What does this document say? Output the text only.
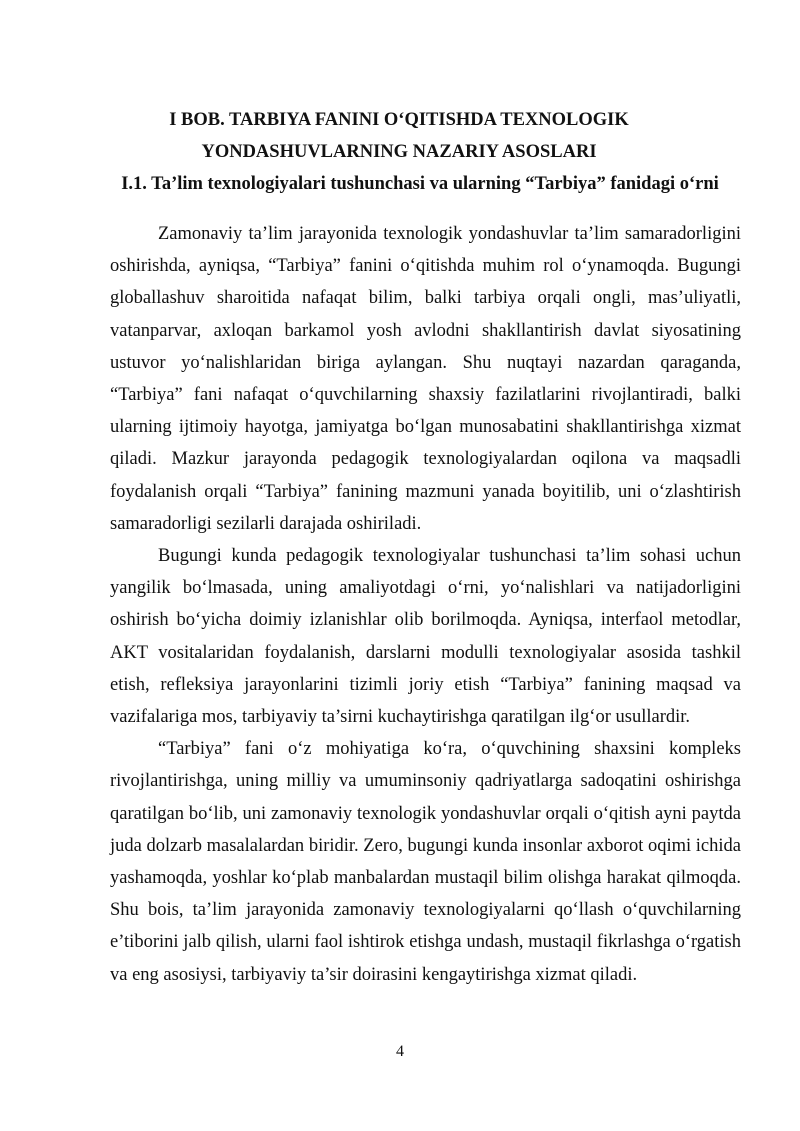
I BOB. TARBIYA FANINI O‘QITISHDA TEXNOLOGIK
YONDASHUVLARNING NAZARIY ASOSLARI
I.1. Ta’lim texnologiyalari tushunchasi va ularning “Tarbiya” fanidagi o‘rni

Zamonaviy ta’lim jarayonida texnologik yondashuvlar ta’lim samaradorligini oshirishda, ayniqsa, “Tarbiya” fanini o‘qitishda muhim rol o‘ynamoqda. Bugungi globallashuv sharoitida nafaqat bilim, balki tarbiya orqali ongli, mas’uliyatli, vatanparvar, axloqan barkamol yosh avlodni shakllantirish davlat siyosatining ustuvor yo‘nalishlaridan biriga aylangan. Shu nuqtayi nazardan qaraganda, “Tarbiya” fani nafaqat o‘quvchilarning shaxsiy fazilatlarini rivojlantiradi, balki ularning ijtimoiy hayotga, jamiyatga bo‘lgan munosabatini shakllantirishga xizmat qiladi. Mazkur jarayonda pedagogik texnologiyalardan oqilona va maqsadli foydalanish orqali “Tarbiya” fanining mazmuni yanada boyitilib, uni o‘zlashtirish samaradorligi sezilarli darajada oshiriladi.

Bugungi kunda pedagogik texnologiyalar tushunchasi ta’lim sohasi uchun yangilik bo‘lmasada, uning amaliyotdagi o‘rni, yo‘nalishlari va natijadorligini oshirish bo‘yicha doimiy izlanishlar olib borilmoqda. Ayniqsa, interfaol metodlar, AKT vositalaridan foydalanish, darslarni modulli texnologiyalar asosida tashkil etish, refleksiya jarayonlarini tizimli joriy etish “Tarbiya” fanining maqsad va vazifalariga mos, tarbiyaviy ta’sirni kuchaytirishga qaratilgan ilg‘or usullardir.

“Tarbiya” fani o‘z mohiyatiga ko‘ra, o‘quvchining shaxsini kompleks rivojlantirishga, uning milliy va umuminsoniy qadriyatlarga sadoqatini oshirishga qaratilgan bo‘lib, uni zamonaviy texnologik yondashuvlar orqali o‘qitish ayni paytda juda dolzarb masalalardan biridir. Zero, bugungi kunda insonlar axborot oqimi ichida yashamoqda, yoshlar ko‘plab manbalardan mustaqil bilim olishga harakat qilmoqda. Shu bois, ta’lim jarayonida zamonaviy texnologiyalarni qo‘llash o‘quvchilarning e’tiborini jalb qilish, ularni faol ishtirok etishga undash, mustaqil fikrlashga o‘rgatish va eng asosiysi, tarbiyaviy ta’sir doirasini kengaytirishga xizmat qiladi.

4
